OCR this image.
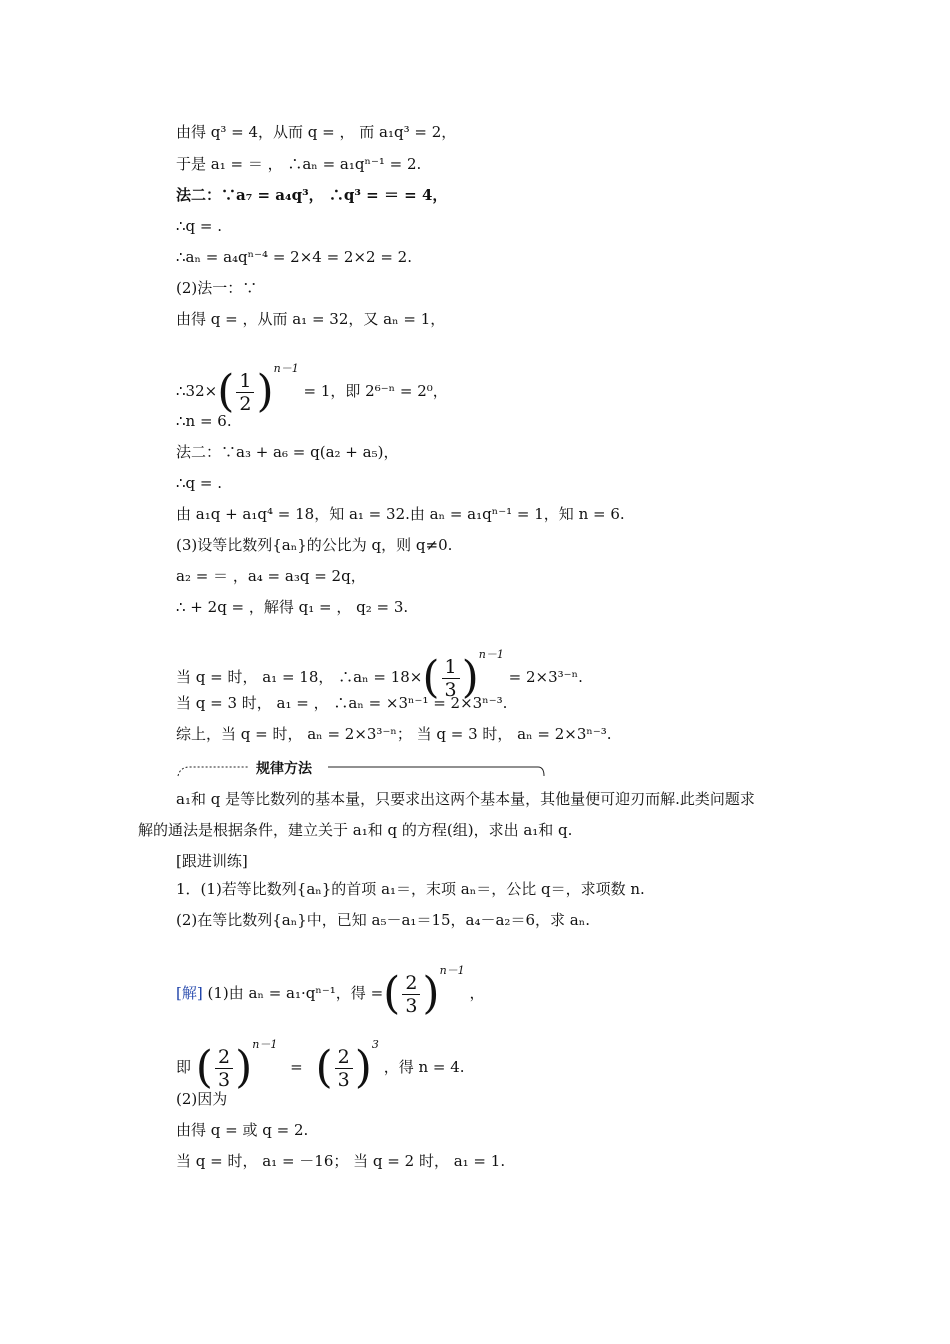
由得 q³ = 4，从而 q = ， 而 a₁q³ = 2，
于是 a₁ = ＝ ， ∴aₙ = a₁qⁿ⁻¹ = 2.
法二：∵a₇ = a₄q³， ∴q³ = ＝ = 4，
∴q = .
∴aₙ = a₄qⁿ⁻⁴ = 2×4 = 2×2 = 2.
(2)法一：∵
由得 q = ，从而 a₁ = 32，又 aₙ = 1，
∴32×( $\frac{1}{2} )^{n-1} = 1$，即 2⁶⁻ⁿ = 2⁰，
∴n = 6.
法二：∵a₃ + a₆ = q(a₂ + a₅)，
∴q = .
由 a₁q + a₁q⁴ = 18，知 a₁ = 32.由 aₙ = a₁qⁿ⁻¹ = 1，知 n = 6.
(3)设等比数列{aₙ}的公比为 q，则 q≠0.
a₂ = ＝ ，a₄ = a₃q = 2q，
∴ + 2q = ，解得 q₁ = ， q₂ = 3.
当 q = 时， a₁ = 18， ∴aₙ = $18\times( \frac{1}{3} )^{n-1} = 2\times 3^{3-n}$.
当 q = 3 时， a₁ = ， ∴aₙ = ×3ⁿ⁻¹ = 2×3ⁿ⁻³.
综上，当 q = 时， aₙ = 2×3³⁻ⁿ； 当 q = 3 时， aₙ = 2×3ⁿ⁻³.
规律方法
a₁和 q 是等比数列的基本量，只要求出这两个基本量，其他量便可迎刃而解.此类问题求
解的通法是根据条件，建立关于 a₁和 q 的方程(组)，求出 a₁和 q.
[跟进训练]
1．(1)若等比数列{aₙ}的首项 a₁＝，末项 aₙ＝，公比 q＝，求项数 n.
(2)在等比数列{aₙ}中，已知 a₅－a₁＝15，a₄－a₂＝6，求 aₙ.
[解] (1)由 aₙ = a₁·qⁿ⁻¹，得 =( $\frac{2}{3} )^{n-1}$ ，
即 ( $\frac{2}{3} )^{n-1}$ = ( $\frac{2}{3} )^3$ ，得 n = 4.
(2)因为
由得 q = 或 q = 2.
当 q = 时， a₁ = －16； 当 q = 2 时， a₁ = 1.
